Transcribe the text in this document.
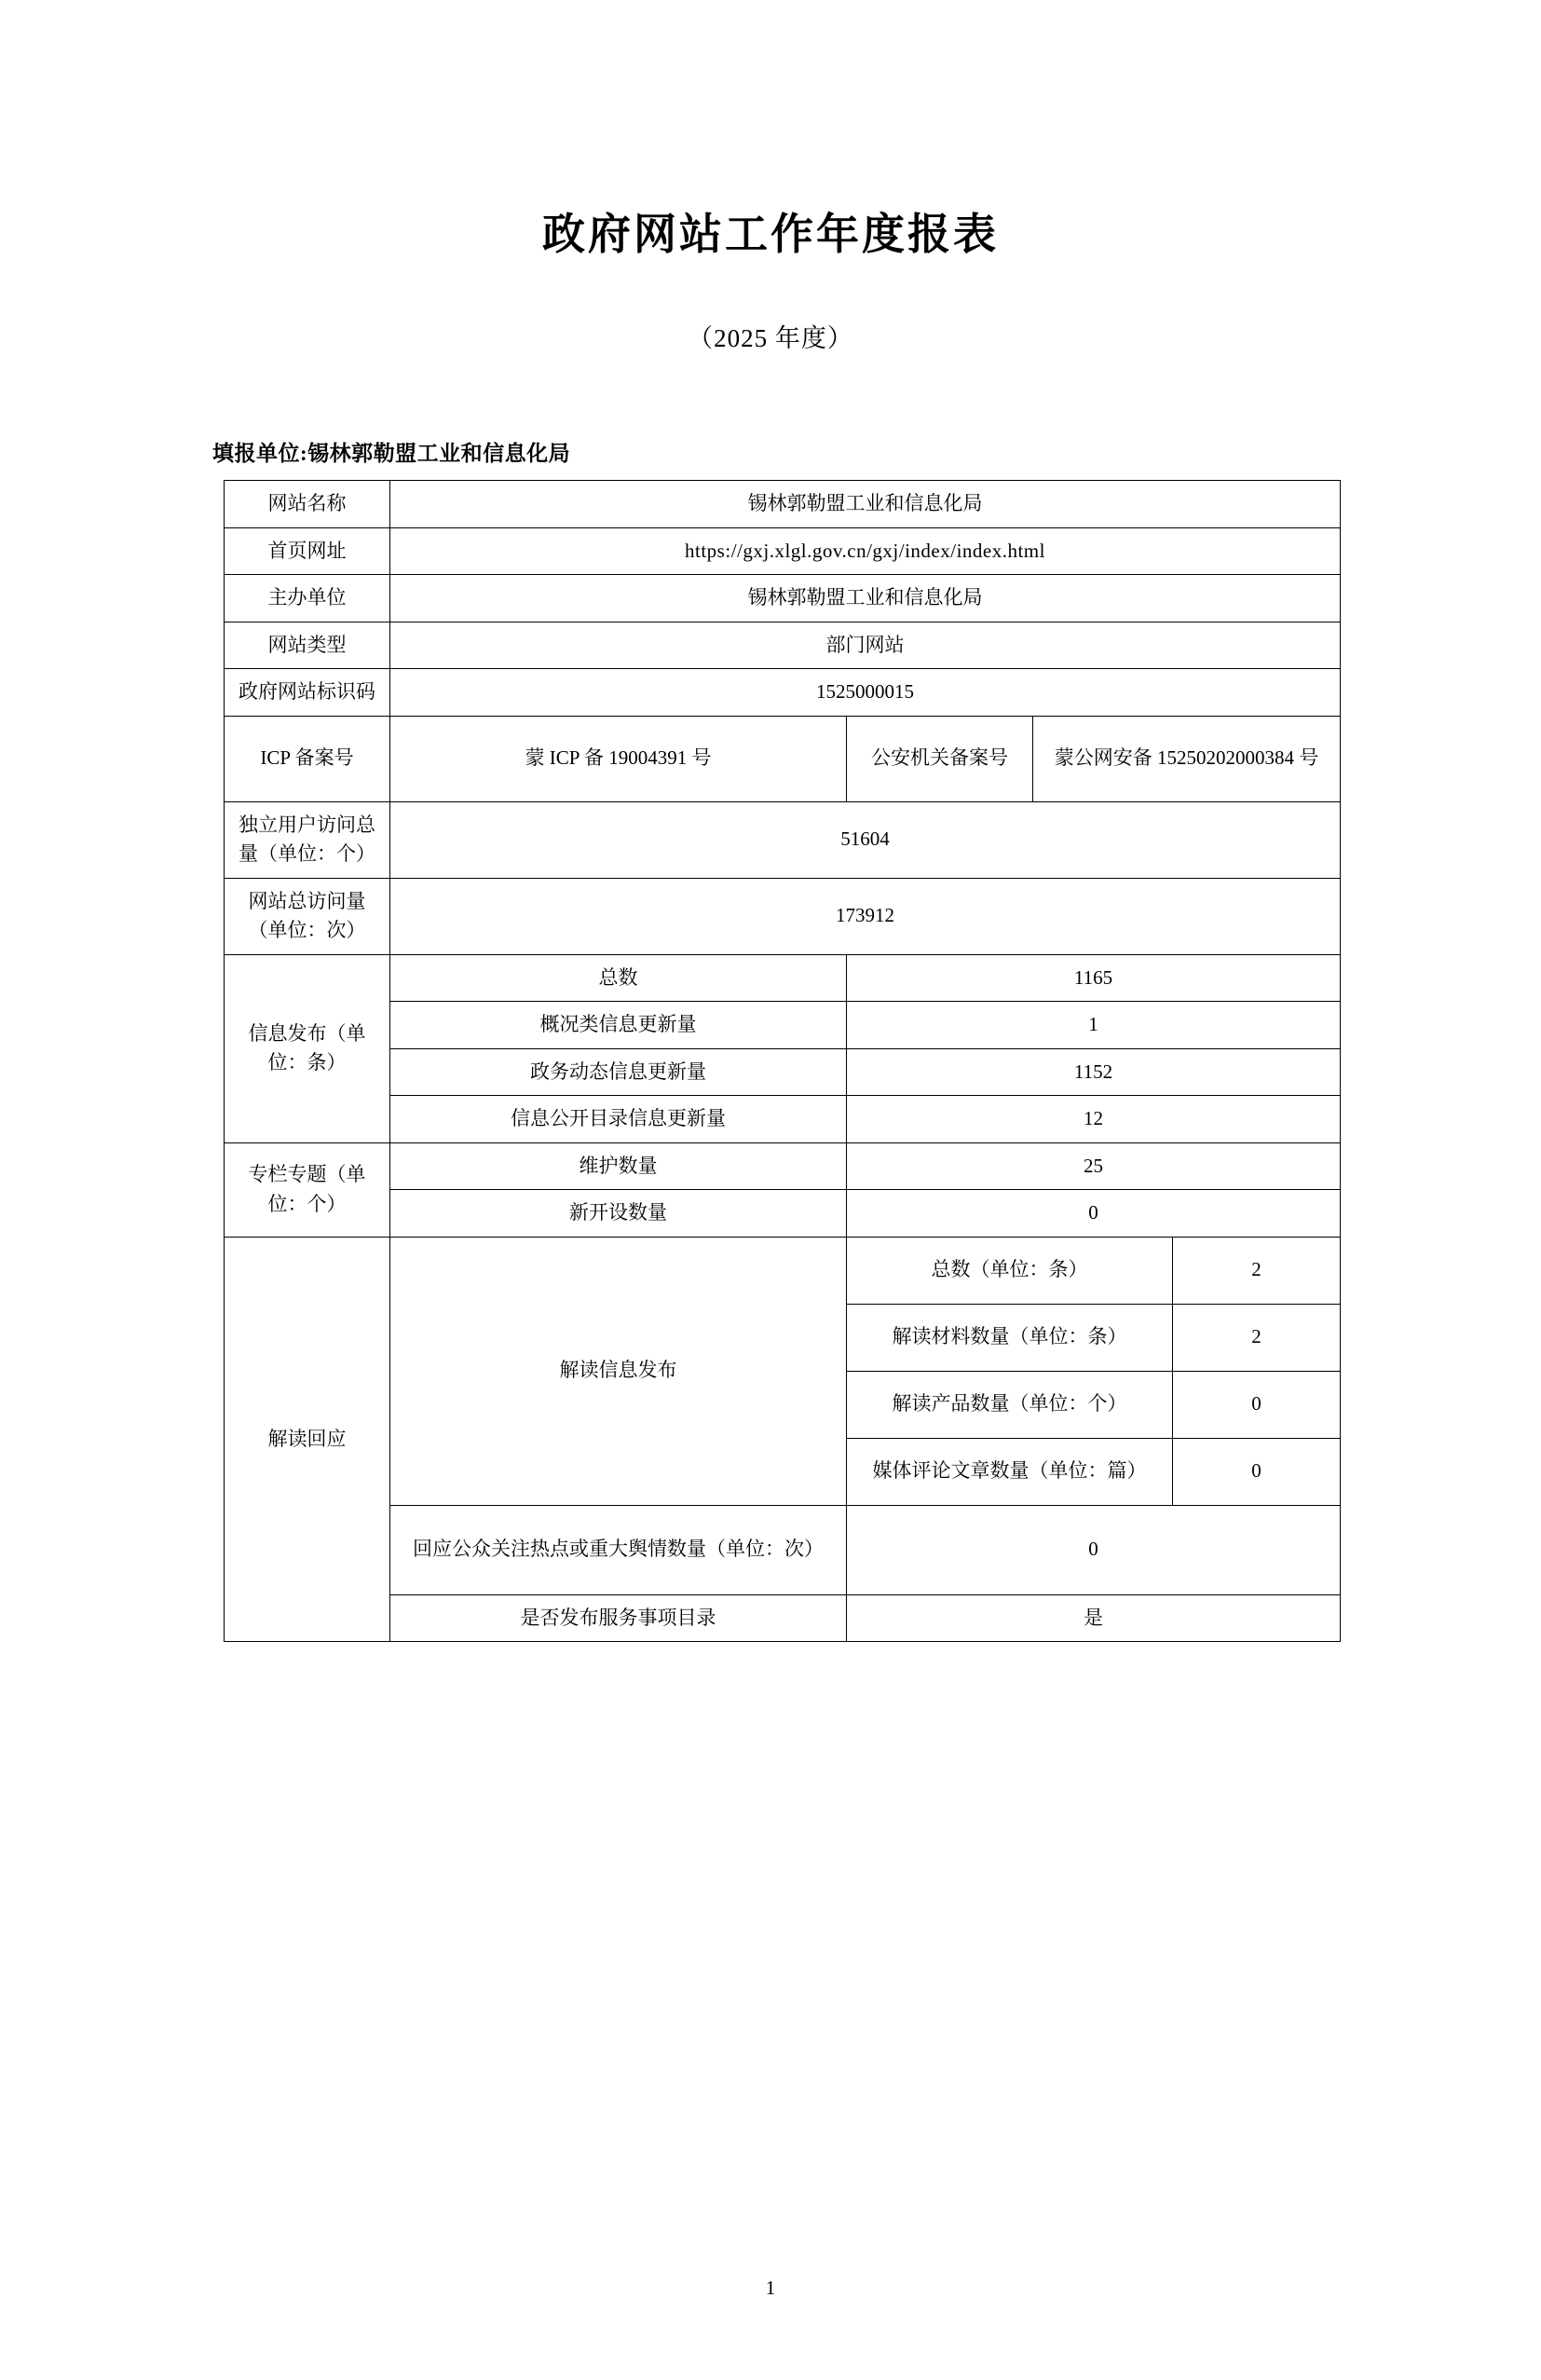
政府网站工作年度报表
（2025 年度）
填报单位:锡林郭勒盟工业和信息化局
网站名称	锡林郭勒盟工业和信息化局			
首页网址	https://gxj.xlgl.gov.cn/gxj/index/index.html			
主办单位	锡林郭勒盟工业和信息化局			
网站类型	部门网站			
政府网站标识码	1525000015			
ICP 备案号	蒙 ICP 备 19004391 号	公安机关备案号	蒙公网安备 15250202000384 号	
独立用户访问总量（单位：个）	51604			
网站总访问量（单位：次）	173912			
信息发布（单位：条）	总数	1165		
	概况类信息更新量	1		
	政务动态信息更新量	1152		
	信息公开目录信息更新量	12		
专栏专题（单位：个）	维护数量	25		
	新开设数量	0		
解读回应	解读信息发布	总数（单位：条）		2
		解读材料数量（单位：条）		2
		解读产品数量（单位：个）		0
		媒体评论文章数量（单位：篇）		0
	回应公众关注热点或重大舆情数量（单位：次）	0		
	是否发布服务事项目录	是		
1
